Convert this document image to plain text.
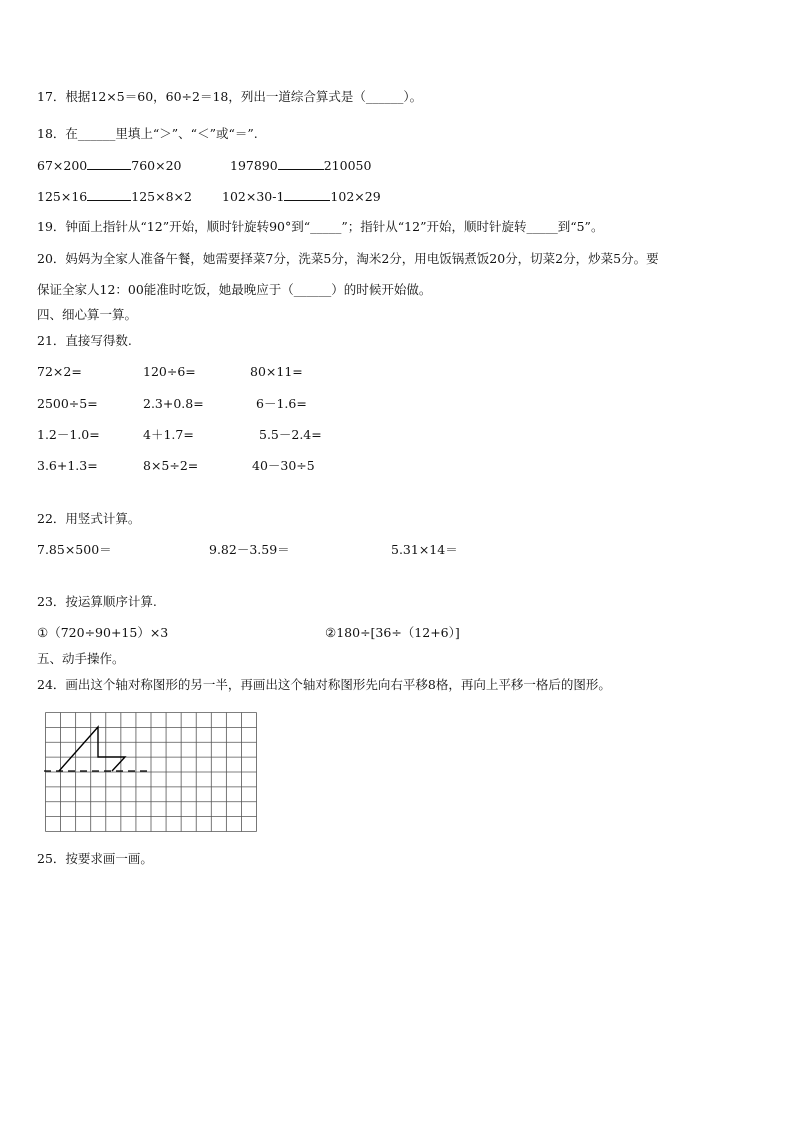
17．根据12×5＝60，60÷2＝18，列出一道综合算式是（______）。
18．在______里填上“＞”、“＜”或“＝”.
67×200	760×20	197890	210050
125×16	125×8×2 102×30-1	102×29
19．钟面上指针从“12”开始，顺时针旋转90°到“_____”；指针从“12”开始，顺时针旋转_____到“5”。
20．妈妈为全家人准备午餐，她需要择菜7分，洗菜5分，淘米2分，用电饭锅煮饭20分，切菜2分，炒菜5分。要
保证全家人12：00能准时吃饭，她最晚应于（______）的时候开始做。
四、细心算一算。
21．直接写得数.
72×2=	120÷6=	80×11=
2500÷5=	2.3+0.8=	6－1.6=
1.2－1.0=	4＋1.7=	5.5－2.4=
3.6+1.3=	8×5÷2=	40－30÷5
22．用竖式计算。
7.85×500＝	9.82－3.59＝	5.31×14＝
23．按运算顺序计算.
①（720÷90+15）×3	②180÷[36÷（12+6）]
五、动手操作。
24．画出这个轴对称图形的另一半，再画出这个轴对称图形先向右平移8格，再向上平移一格后的图形。
25．按要求画一画。
